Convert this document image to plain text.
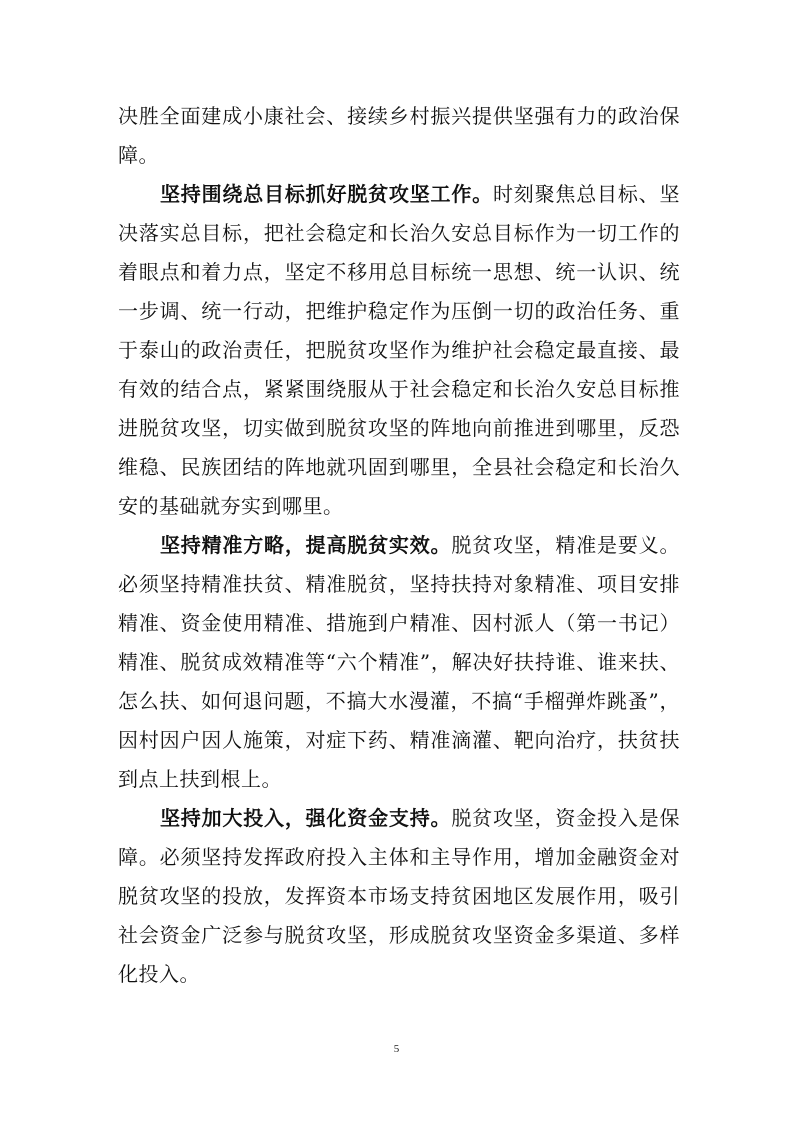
决胜全面建成小康社会、接续乡村振兴提供坚强有力的政治保障。

坚持围绕总目标抓好脱贫攻坚工作。时刻聚焦总目标、坚决落实总目标，把社会稳定和长治久安总目标作为一切工作的着眼点和着力点，坚定不移用总目标统一思想、统一认识、统一步调、统一行动，把维护稳定作为压倒一切的政治任务、重于泰山的政治责任，把脱贫攻坚作为维护社会稳定最直接、最有效的结合点，紧紧围绕服从于社会稳定和长治久安总目标推进脱贫攻坚，切实做到脱贫攻坚的阵地向前推进到哪里，反恐维稳、民族团结的阵地就巩固到哪里，全县社会稳定和长治久安的基础就夯实到哪里。

坚持精准方略，提高脱贫实效。脱贫攻坚，精准是要义。必须坚持精准扶贫、精准脱贫，坚持扶持对象精准、项目安排精准、资金使用精准、措施到户精准、因村派人（第一书记）精准、脱贫成效精准等“六个精准”，解决好扶持谁、谁来扶、怎么扶、如何退问题，不搞大水漫灌，不搞“手榴弹炸跳蚤”，因村因户因人施策，对症下药、精准滴灌、靶向治疗，扶贫扶到点上扶到根上。

坚持加大投入，强化资金支持。脱贫攻坚，资金投入是保障。必须坚持发挥政府投入主体和主导作用，增加金融资金对脱贫攻坚的投放，发挥资本市场支持贫困地区发展作用，吸引社会资金广泛参与脱贫攻坚，形成脱贫攻坚资金多渠道、多样化投入。

5
